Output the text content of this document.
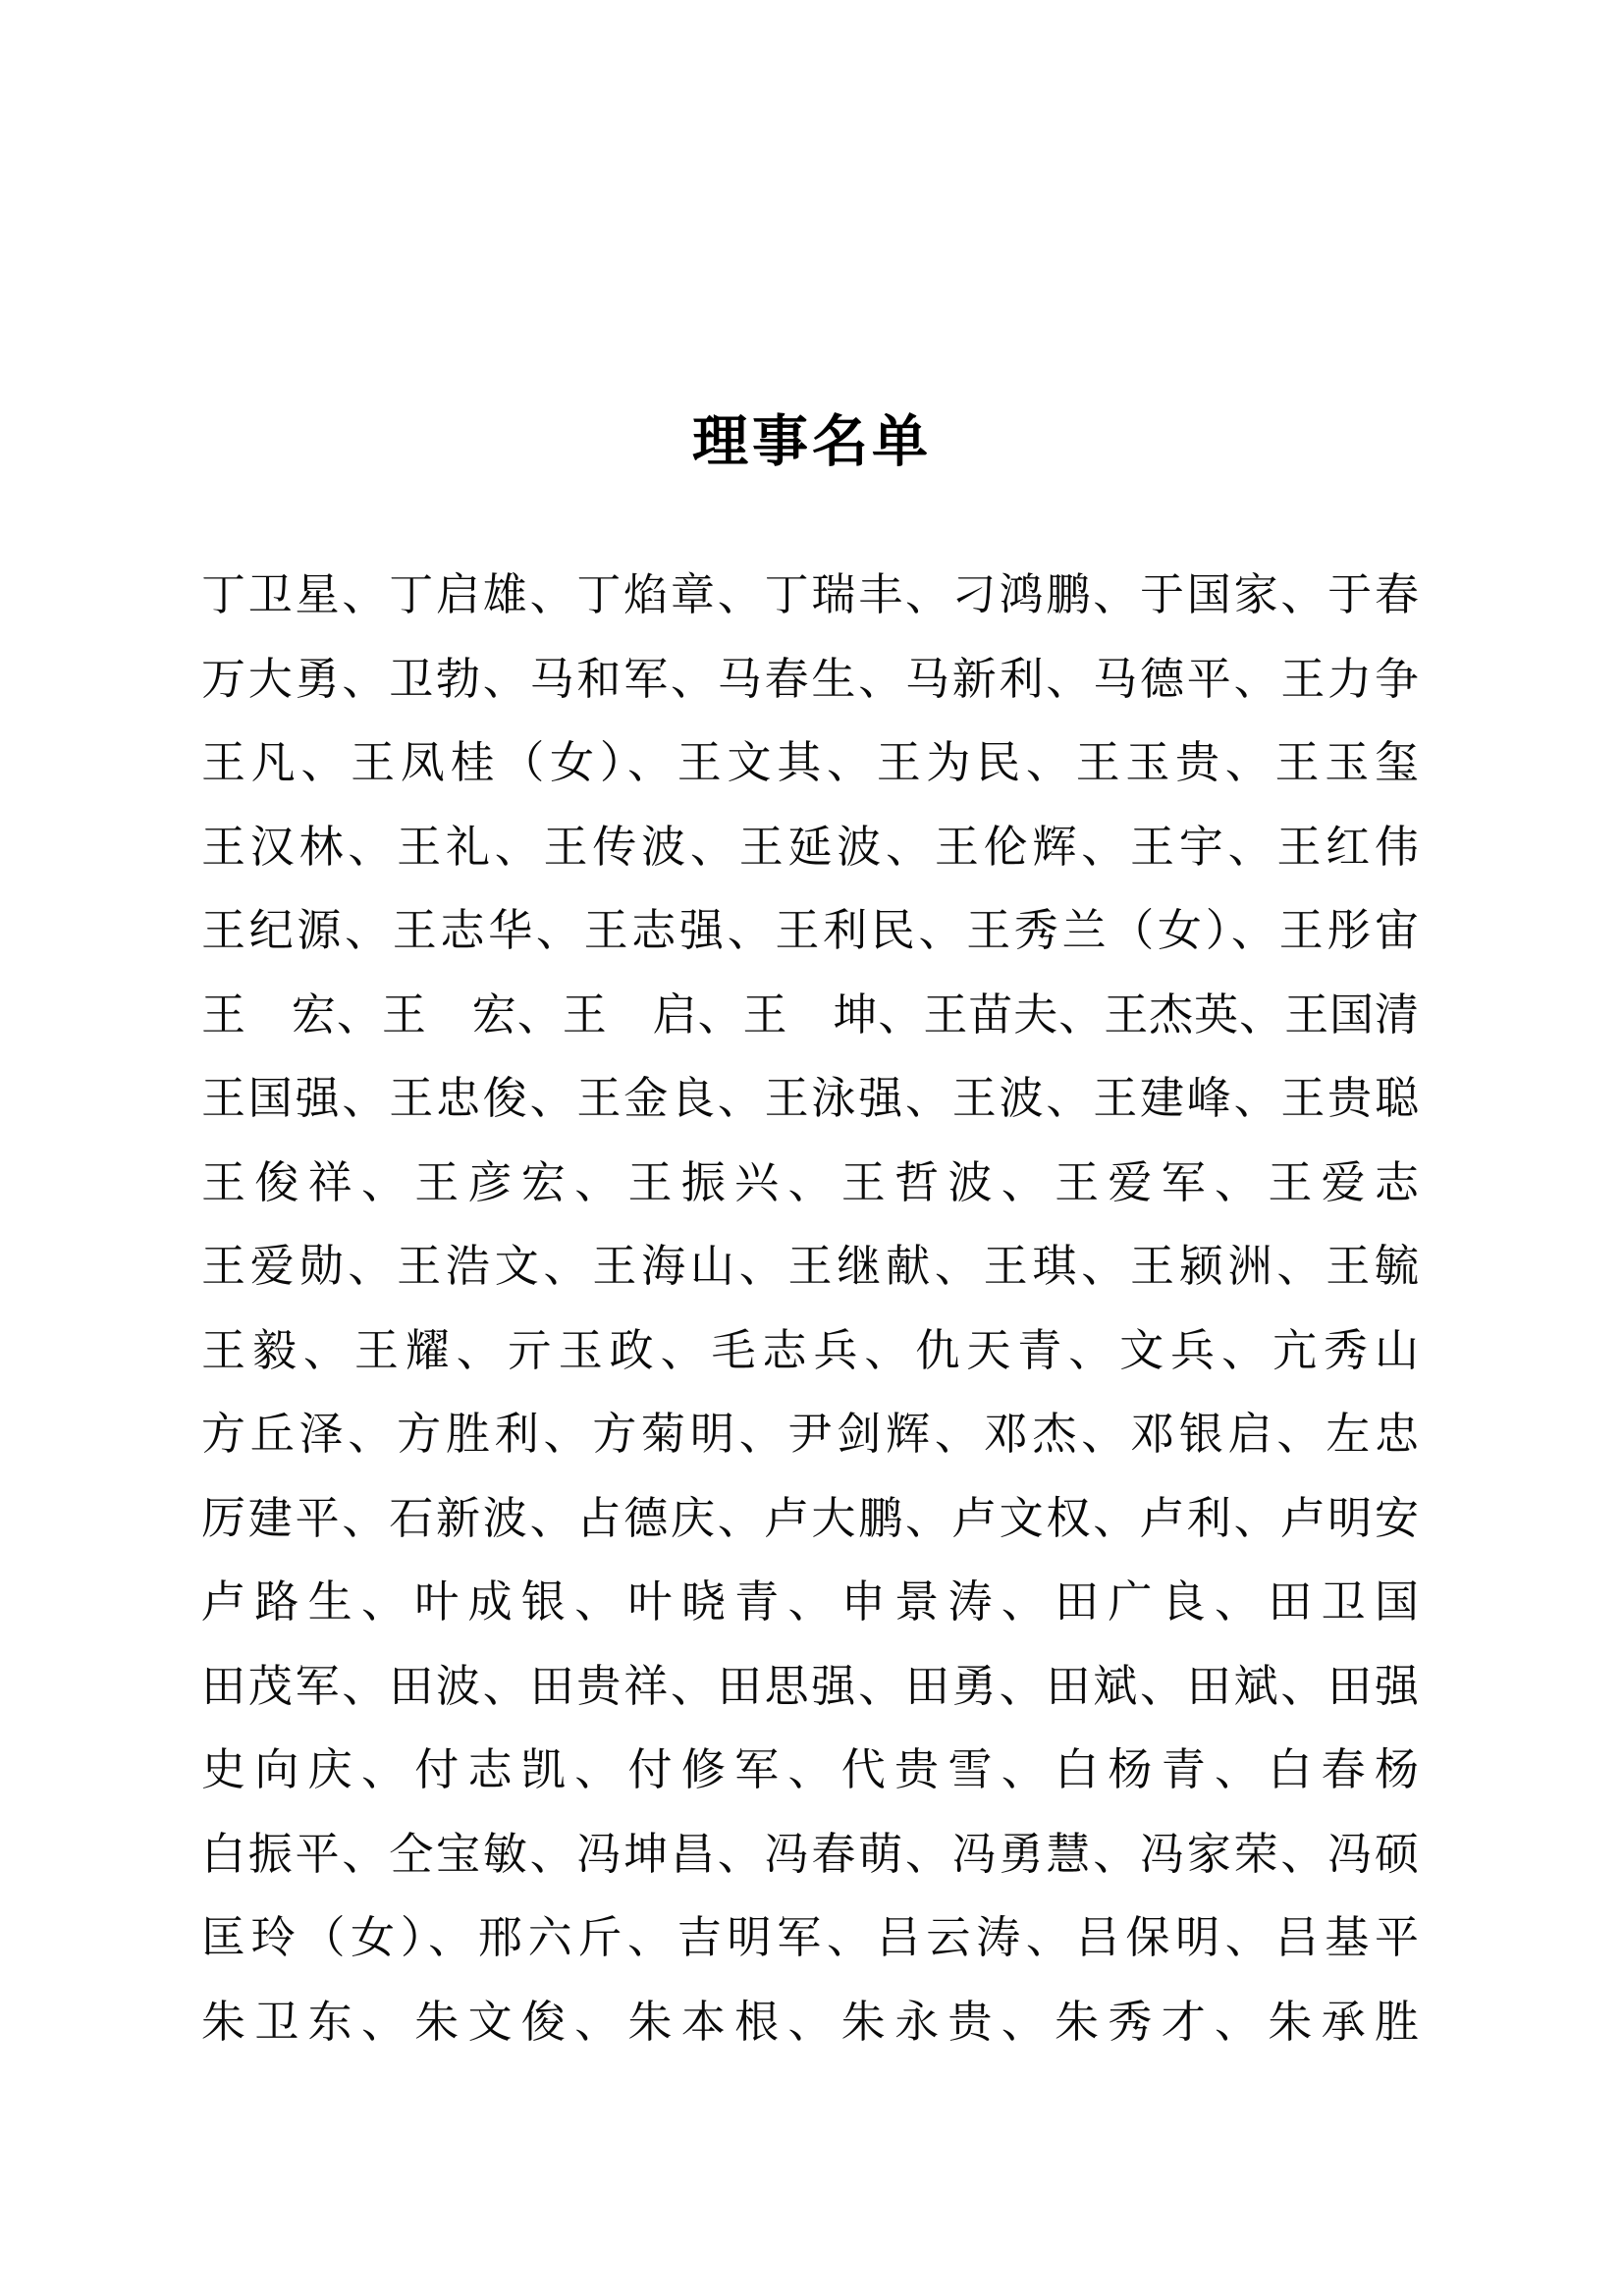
理事名单
丁卫星、丁启雄、丁焰章、丁瑞丰、刁鸿鹏、于国家、于春
万大勇、卫勃、马和军、马春生、马新利、马德平、王力争
王凡、王凤桂（女）、王文其、王为民、王玉贵、王玉玺
王汉林、王礼、王传波、王延波、王伦辉、王宇、王红伟
王纪源、王志华、王志强、王利民、王秀兰（女）、王彤宙
王　宏、王　宏、王　启、王　坤、王苗夫、王杰英、王国清
王国强、王忠俊、王金良、王泳强、王波、王建峰、王贵聪
王俊祥、王彦宏、王振兴、王哲波、王爱军、王爱志
王爱勋、王浩文、王海山、王继献、王琪、王颍洲、王毓
王毅、王耀、亓玉政、毛志兵、仇天青、文兵、亢秀山
方丘泽、方胜利、方菊明、尹剑辉、邓杰、邓银启、左忠
厉建平、石新波、占德庆、卢大鹏、卢文权、卢利、卢明安
卢路生、叶成银、叶晓青、申景涛、田广良、田卫国
田茂军、田波、田贵祥、田思强、田勇、田斌、田斌、田强
史向庆、付志凯、付修军、代贵雪、白杨青、白春杨
白振平、仝宝敏、冯坤昌、冯春萌、冯勇慧、冯家荣、冯硕
匡玲（女）、邢六斤、吉明军、吕云涛、吕保明、吕基平
朱卫东、朱文俊、朱本根、朱永贵、朱秀才、朱承胜
